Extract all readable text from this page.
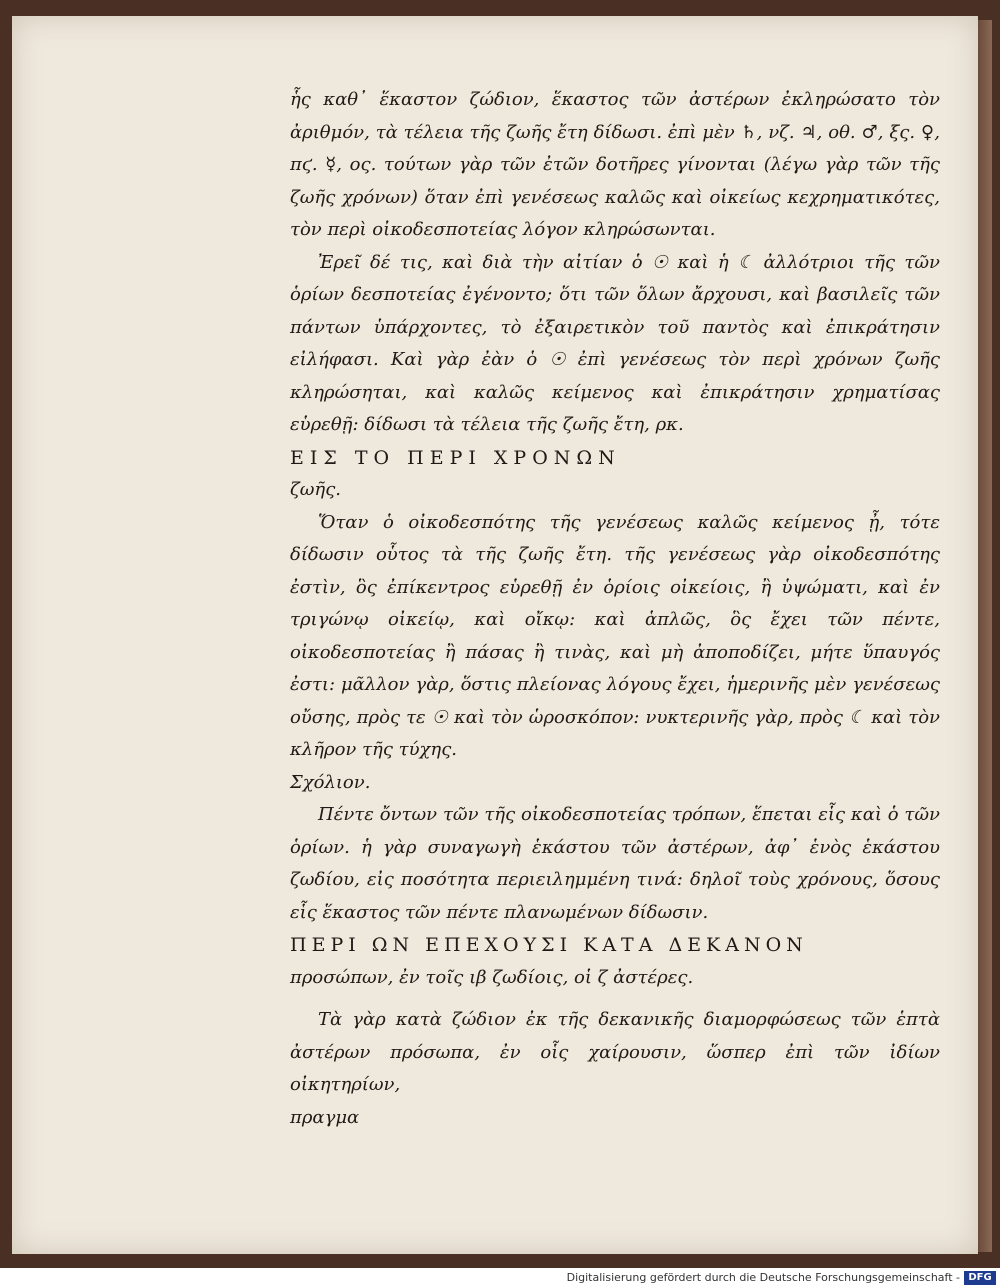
ἧς καθ᾽ ἕκαστον ζώδιον, ἕκαστος τῶν ἀστέρων ἐκληρώσατο τὸν ἀριθμόν, τὰ τέλεια τῆς ζωῆς ἔτη δίδωσι. ἐπὶ μὲν ♄, νζ. ♃, οθ. ♂, ξς. ♀, πϛ. ☿, ος. τούτων γὰρ τῶν ἐτῶν δοτῆρες γίνονται (λέγω γὰρ τῶν τῆς ζωῆς χρόνων) ὅταν ἐπὶ γενέσεως καλῶς καὶ οἰκείως κεχρηματικότες, τὸν περὶ οἰκοδεσποτείας λόγον κληρώσωνται.

Ἐρεῖ δέ τις, καὶ διὰ τὴν αἰτίαν ὁ ☉ καὶ ἡ ☾ ἀλλότριοι τῆς τῶν ὁρίων δεσποτείας ἐγένοντο; ὅτι τῶν ὅλων ἄρχουσι, καὶ βασιλεῖς τῶν πάντων ὑπάρχοντες, τὸ ἐξαιρετικὸν τοῦ παντὸς καὶ ἐπικράτησιν εἰλήφασι. Καὶ γὰρ ἐὰν ὁ ☉ ἐπὶ γενέσεως τὸν περὶ χρόνων ζωῆς κληρώσηται, καὶ καλῶς κείμενος καὶ ἐπικράτησιν χρηματίσας εὑρεθῇ: δίδωσι τὰ τέλεια τῆς ζωῆς ἔτη, ρκ.

ΕΙΣ ΤΟ ΠΕΡΙ ΧΡΟΝΩΝ

ζωῆς.

Ὅταν ὁ οἰκοδεσπότης τῆς γενέσεως καλῶς κείμενος ᾖ, τότε δίδωσιν οὗτος τὰ τῆς ζωῆς ἔτη. τῆς γενέσεως γὰρ οἰκοδεσπότης ἐστὶν, ὃς ἐπίκεντρος εὑρεθῇ ἐν ὁρίοις οἰκείοις, ἢ ὑψώματι, καὶ ἐν τριγώνῳ οἰκείῳ, καὶ οἴκῳ: καὶ ἁπλῶς, ὃς ἔχει τῶν πέντε, οἰκοδεσποτείας ἢ πάσας ἢ τινὰς, καὶ μὴ ἀποποδίζει, μήτε ὕπαυγός ἐστι: μᾶλλον γὰρ, ὅστις πλείονας λόγους ἔχει, ἡμερινῆς μὲν γενέσεως οὔσης, πρὸς τε ☉ καὶ τὸν ὡροσκόπον: νυκτερινῆς γὰρ, πρὸς ☾ καὶ τὸν κλῆρον τῆς τύχης.

Σχόλιον.

Πέντε ὄντων τῶν τῆς οἰκοδεσποτείας τρόπων, ἕπεται εἷς καὶ ὁ τῶν ὁρίων. ἡ γὰρ συναγωγὴ ἑκάστου τῶν ἀστέρων, ἀφ᾽ ἑνὸς ἑκάστου ζωδίου, εἰς ποσότητα περιειλημμένη τινά: δηλοῖ τοὺς χρόνους, ὅσους εἷς ἕκαστος τῶν πέντε πλανωμένων δίδωσιν.

ΠΕΡΙ ΩΝ ΕΠΕΧΟΥΣΙ ΚΑΤΑ ΔΕΚΑΝΟΝ

προσώπων, ἐν τοῖς ιβ ζωδίοις, οἱ ζ ἀστέρες.

Τὰ γὰρ κατὰ ζώδιον ἐκ τῆς δεκανικῆς διαμορφώσεως τῶν ἑπτὰ ἀστέρων πρόσωπα, ἐν οἷς χαίρουσιν, ὥσπερ ἐπὶ τῶν ἰδίων οἰκητηρίων,

πραγμα

Digitalisierung gefördert durch die Deutsche Forschungsgemeinschaft - DFG
